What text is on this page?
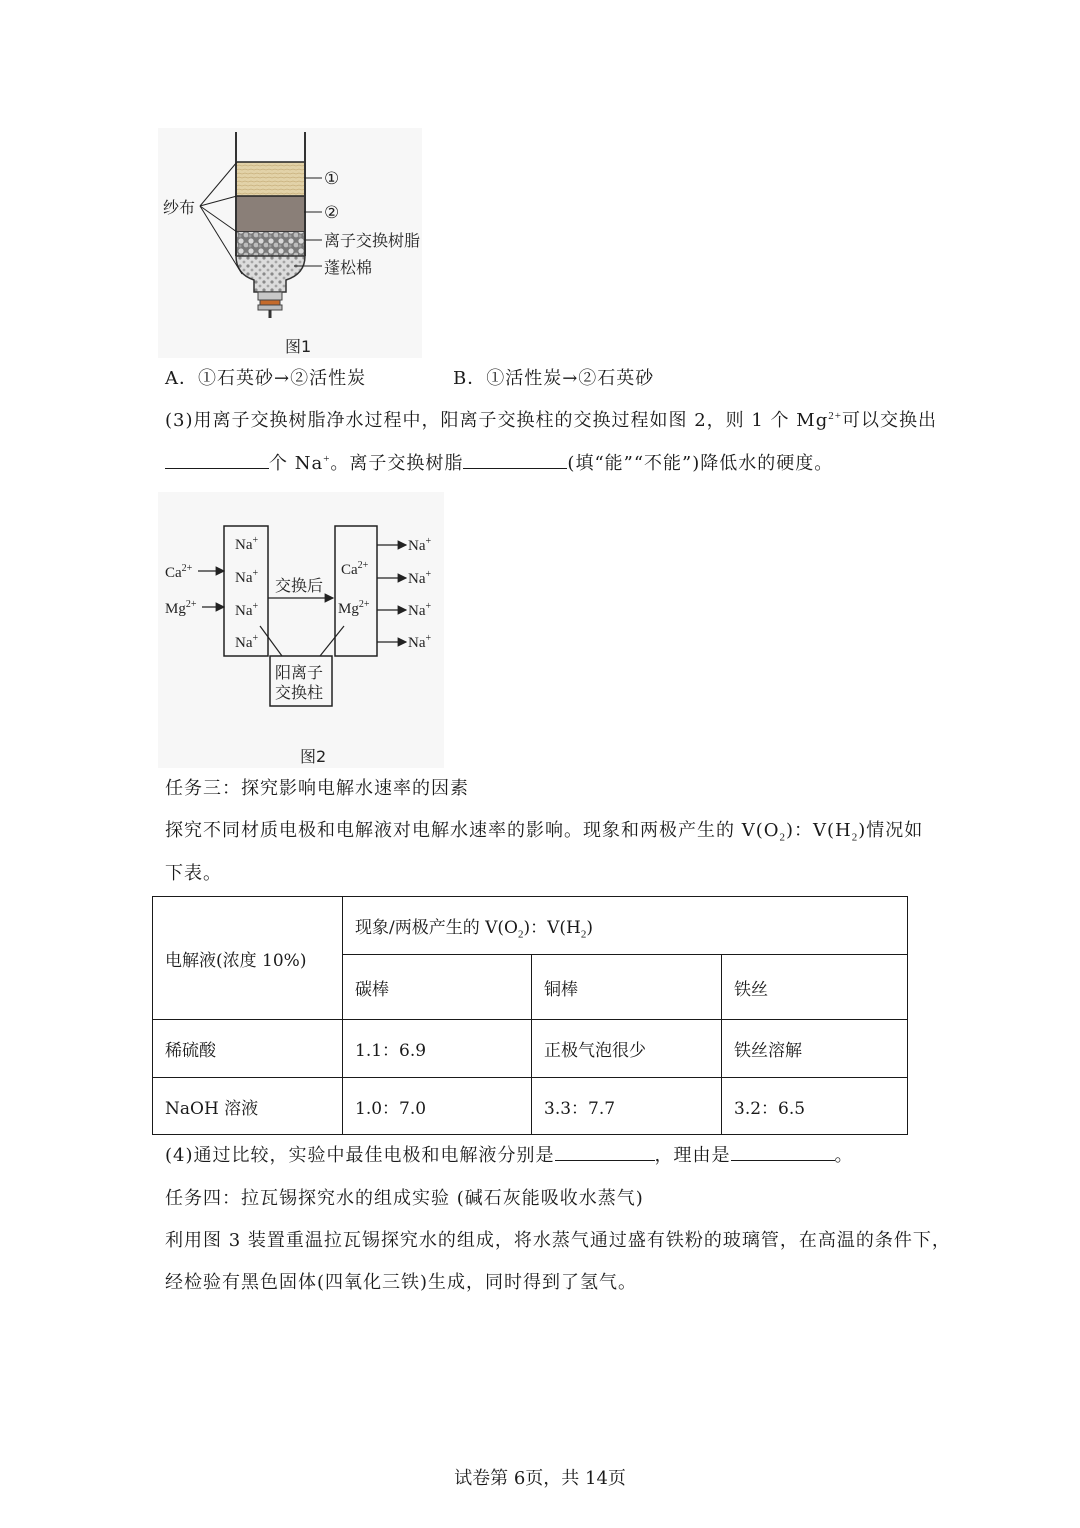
纱布
①
②
离子交换树脂
蓬松棉
图1
A．①石英砂→②活性炭	B．①活性炭→②石英砂
(3)用离子交换树脂净水过程中，阳离子交换柱的交换过程如图 2，则 1 个 $Mg^{2+}$可以交换出
个 Na+。离子交换树脂	(填“能”“不能”)降低水的硬度。
交换后
Na+
Na+
Na+
Na+
$Ca^{2+}$
$Mg^{2+}$
$Ca^{2+}$
$Mg^{2+}$
Na+
Na+
Na+
Na+
阳离子
交换柱
图2
任务三：探究影响电解水速率的因素
探究不同材质电极和电解液对电解水速率的影响。现象和两极产生的 $V(O_2)$：$V(H_2)$情况如
下表。
电解液(浓度 10%)	现象/两极产生的 $V(O_2)$：$V(H_2)$		
	碳棒	铜棒	铁丝
稀硫酸	1.1：6.9	正极气泡很少	铁丝溶解
NaOH 溶液	1.0：7.0	3.3：7.7	3.2：6.5
(4)通过比较，实验中最佳电极和电解液分别是	，理由是	。
任务四：拉瓦锡探究水的组成实验 (碱石灰能吸收水蒸气)
利用图 3 装置重温拉瓦锡探究水的组成，将水蒸气通过盛有铁粉的玻璃管，在高温的条件下，
经检验有黑色固体(四氧化三铁)生成，同时得到了氢气。
试卷第 6页，共 14页
